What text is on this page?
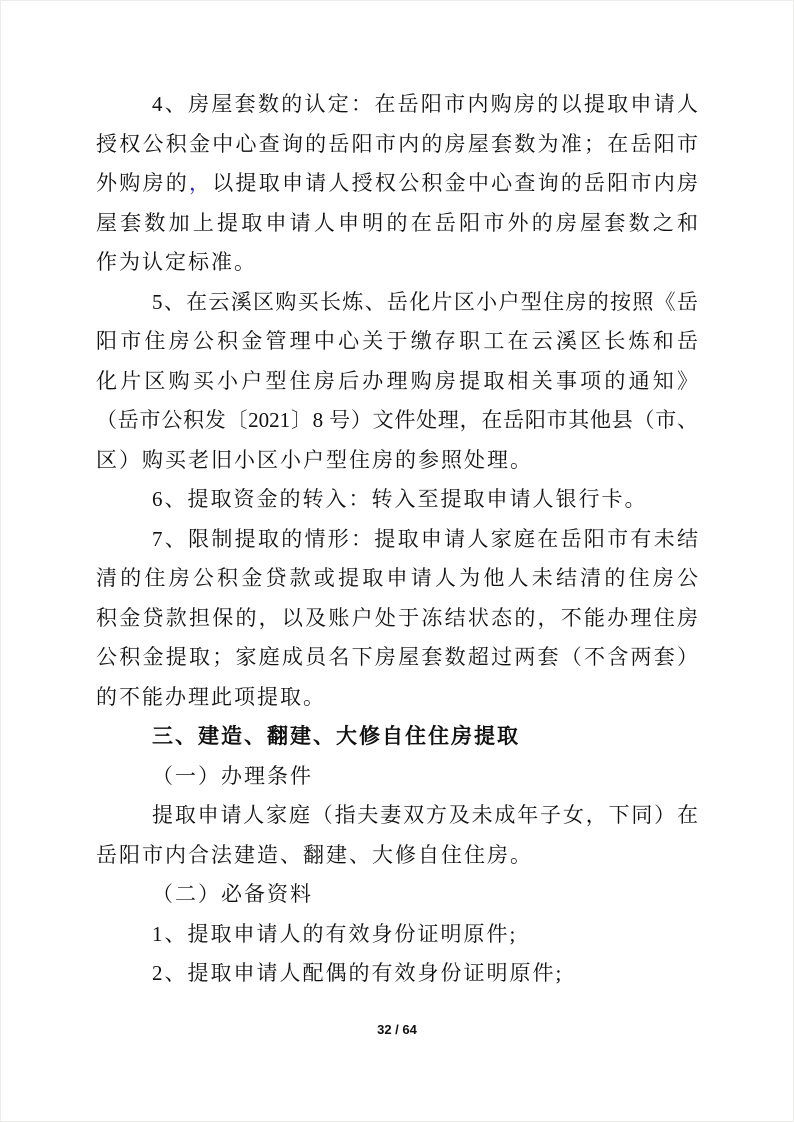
4、房屋套数的认定：在岳阳市内购房的以提取申请人
授权公积金中心查询的岳阳市内的房屋套数为准；在岳阳市
外购房的，以提取申请人授权公积金中心查询的岳阳市内房
屋套数加上提取申请人申明的在岳阳市外的房屋套数之和
作为认定标准。
5、在云溪区购买长炼、岳化片区小户型住房的按照《岳
阳市住房公积金管理中心关于缴存职工在云溪区长炼和岳
化片区购买小户型住房后办理购房提取相关事项的通知》
（岳市公积发〔2021〕8 号）文件处理，在岳阳市其他县（市、
区）购买老旧小区小户型住房的参照处理。
6、提取资金的转入：转入至提取申请人银行卡。
7、限制提取的情形：提取申请人家庭在岳阳市有未结
清的住房公积金贷款或提取申请人为他人未结清的住房公
积金贷款担保的，以及账户处于冻结状态的，不能办理住房
公积金提取；家庭成员名下房屋套数超过两套（不含两套）
的不能办理此项提取。
三、建造、翻建、大修自住住房提取
（一）办理条件
提取申请人家庭（指夫妻双方及未成年子女，下同）在
岳阳市内合法建造、翻建、大修自住住房。
（二）必备资料
1、提取申请人的有效身份证明原件;
2、提取申请人配偶的有效身份证明原件;
32 / 64
